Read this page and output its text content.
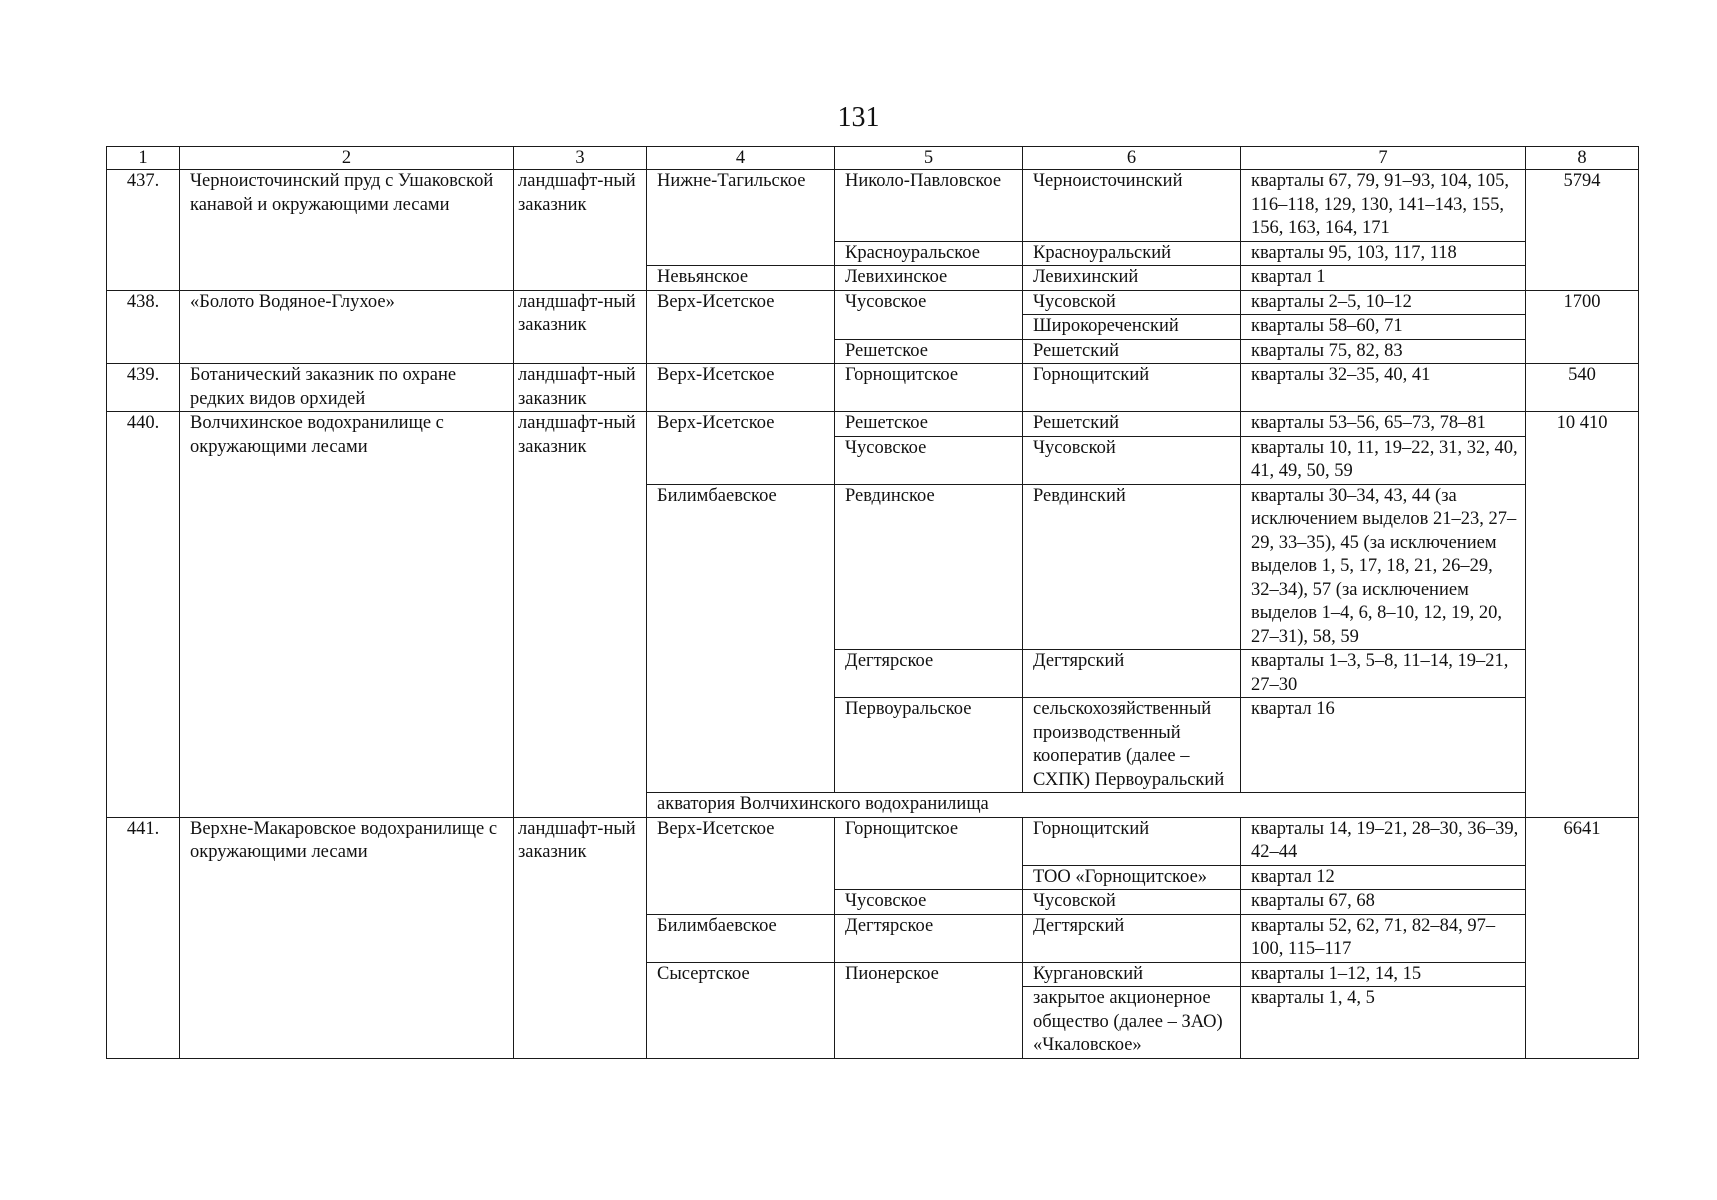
131
1	2	3	4	5	6	7	8
437.	Черноисточинский пруд с Ушаковской канавой и окружающими лесами	ландшафт-ный заказник	Нижне-Тагильское	Николо-Павловское	Черноисточинский	кварталы 67, 79, 91–93, 104, 105, 116–118, 129, 130, 141–143, 155, 156, 163, 164, 171	5794
				Красноуральское	Красноуральский	кварталы 95, 103, 117, 118	
			Невьянское	Левихинское	Левихинский	квартал 1	
438.	«Болото Водяное-Глухое»	ландшафт-ный заказник	Верх-Исетское	Чусовское	Чусовской	кварталы 2–5, 10–12	1700
					Широкореченский	кварталы 58–60, 71	
				Решетское	Решетский	кварталы 75, 82, 83	
439.	Ботанический заказник по охране редких видов орхидей	ландшафт-ный заказник	Верх-Исетское	Горнощитское	Горнощитский	кварталы 32–35, 40, 41	540
440.	Волчихинское водохранилище с окружающими лесами	ландшафт-ный заказник	Верх-Исетское	Решетское	Решетский	кварталы 53–56, 65–73, 78–81	10 410
				Чусовское	Чусовской	кварталы 10, 11, 19–22, 31, 32, 40, 41, 49, 50, 59	
			Билимбаевское	Ревдинское	Ревдинский	кварталы 30–34, 43, 44 (за исключением выделов 21–23, 27–29, 33–35), 45 (за исключением выделов 1, 5, 17, 18, 21, 26–29, 32–34), 57 (за исключением выделов 1–4, 6, 8–10, 12, 19, 20, 27–31), 58, 59	
				Дегтярское	Дегтярский	кварталы 1–3, 5–8, 11–14, 19–21, 27–30	
				Первоуральское	сельскохозяйственный производственный кооператив (далее – СХПК) Первоуральский	квартал 16	
			акватория Волчихинского водохранилища				
441.	Верхне-Макаровское водохранилище с окружающими лесами	ландшафт-ный заказник	Верх-Исетское	Горнощитское	Горнощитский	кварталы 14, 19–21, 28–30, 36–39, 42–44	6641
					ТОО «Горнощитское»	квартал 12	
				Чусовское	Чусовской	кварталы 67, 68	
			Билимбаевское	Дегтярское	Дегтярский	кварталы 52, 62, 71, 82–84, 97–100, 115–117	
			Сысертское	Пионерское	Кургановский	кварталы 1–12, 14, 15	
					закрытое акционерное общество (далее – ЗАО) «Чкаловское»	кварталы 1, 4, 5	
